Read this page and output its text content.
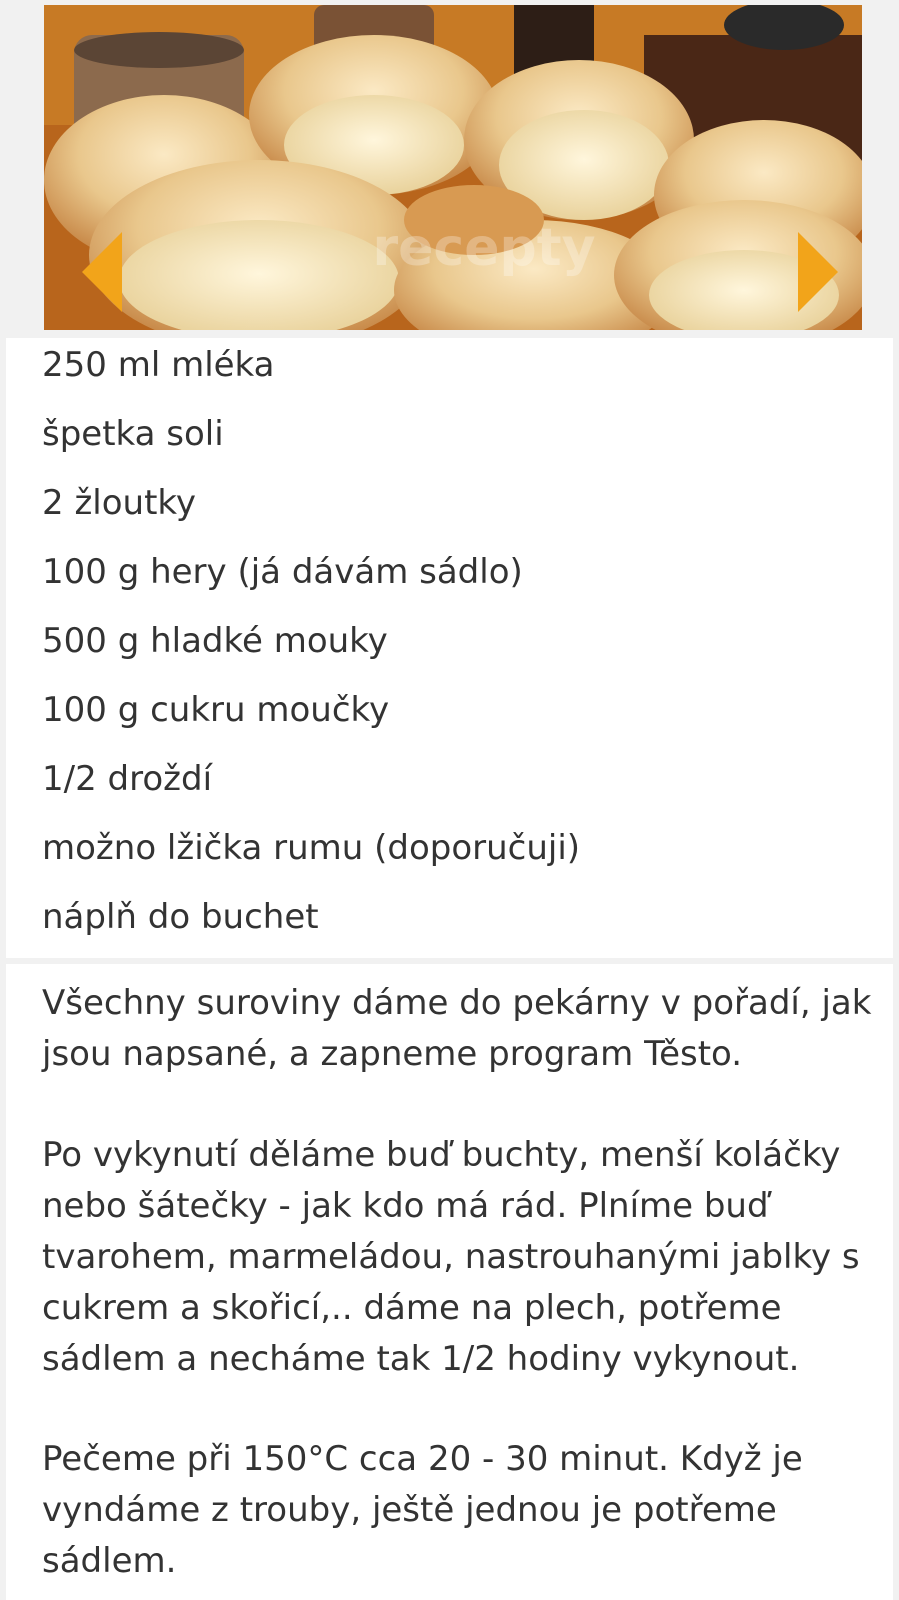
recepty
250 ml mléka
špetka soli
2 žloutky
100 g hery (já dávám sádlo)
500 g hladké mouky
100 g cukru moučky
1/2 droždí
možno lžička rumu (doporučuji)
náplň do buchet

Všechny suroviny dáme do pekárny v pořadí, jak jsou napsané, a zapneme program Těsto.

Po vykynutí děláme buď buchty, menší koláčky nebo šátečky - jak kdo má rád. Plníme buď tvarohem, marmeládou, nastrouhanými jablky s cukrem a skořicí,.. dáme na plech, potřeme sádlem a necháme tak 1/2 hodiny vykynout.

Pečeme při 150°C cca 20 - 30 minut. Když je vyndáme z trouby, ještě jednou je potřeme sádlem.
